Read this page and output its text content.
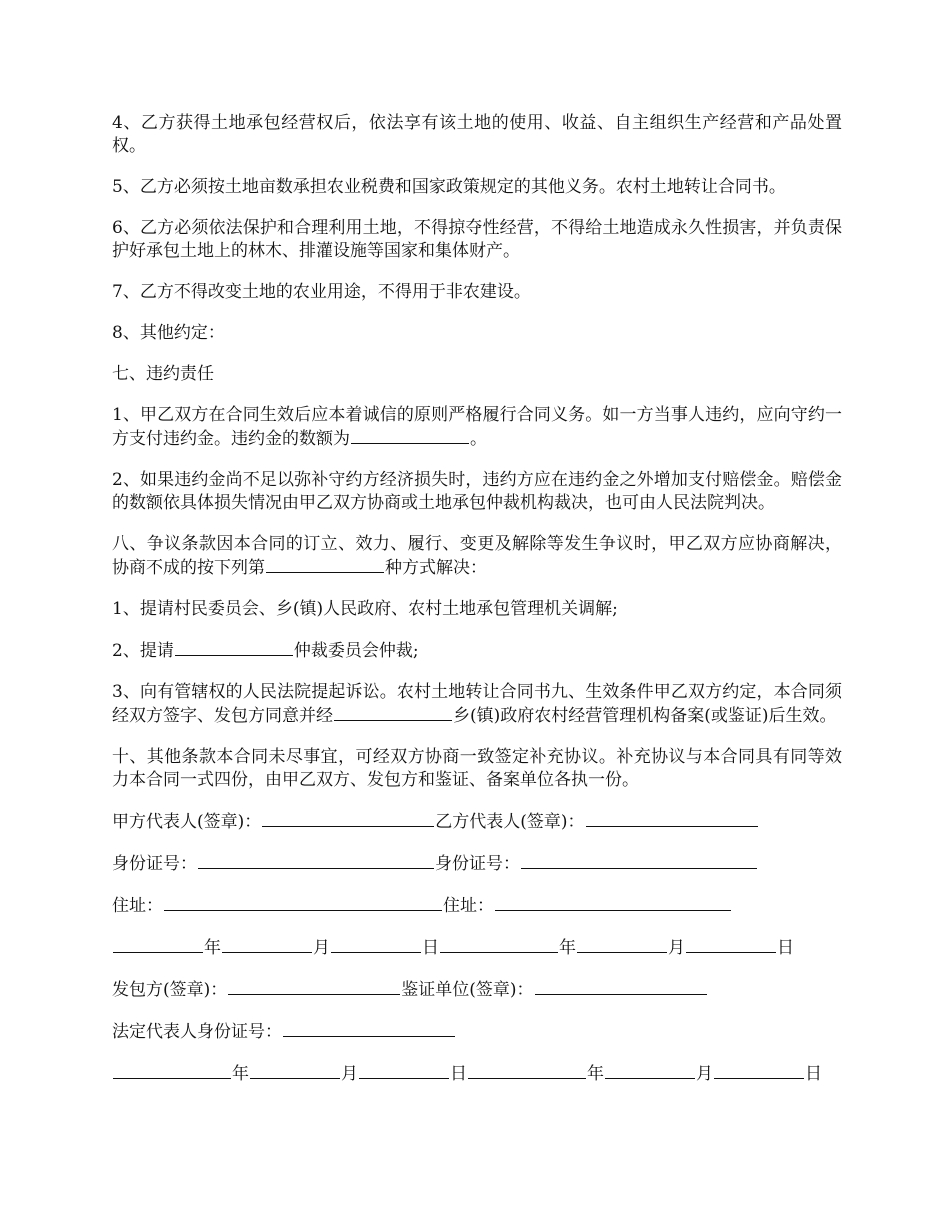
4、乙方获得土地承包经营权后，依法享有该土地的使用、收益、自主组织生产经营和产品处置权。

5、乙方必须按土地亩数承担农业税费和国家政策规定的其他义务。农村土地转让合同书。

6、乙方必须依法保护和合理利用土地，不得掠夺性经营，不得给土地造成永久性损害，并负责保护好承包土地上的林木、排灌设施等国家和集体财产。

7、乙方不得改变土地的农业用途，不得用于非农建设。

8、其他约定：

七、违约责任

1、甲乙双方在合同生效后应本着诚信的原则严格履行合同义务。如一方当事人违约，应向守约一方支付违约金。违约金的数额为	。

2、如果违约金尚不足以弥补守约方经济损失时，违约方应在违约金之外增加支付赔偿金。赔偿金的数额依具体损失情况由甲乙双方协商或土地承包仲裁机构裁决，也可由人民法院判决。

八、争议条款因本合同的订立、效力、履行、变更及解除等发生争议时，甲乙双方应协商解决，协商不成的按下列第	种方式解决：

1、提请村民委员会、乡(镇)人民政府、农村土地承包管理机关调解;

2、提请	仲裁委员会仲裁;

3、向有管辖权的人民法院提起诉讼。农村土地转让合同书九、生效条件甲乙双方约定，本合同须经双方签字、发包方同意并经	乡(镇)政府农村经营管理机构备案(或鉴证)后生效。

十、其他条款本合同未尽事宜，可经双方协商一致签定补充协议。补充协议与本合同具有同等效力本合同一式四份，由甲乙双方、发包方和鉴证、备案单位各执一份。

甲方代表人(签章)：	乙方代表人(签章)：
身份证号：	身份证号：
住址：	住址：
年	月	日	年	月	日
发包方(签章)：	鉴证单位(签章)：
法定代表人身份证号：
年	月	日	年	月	日
